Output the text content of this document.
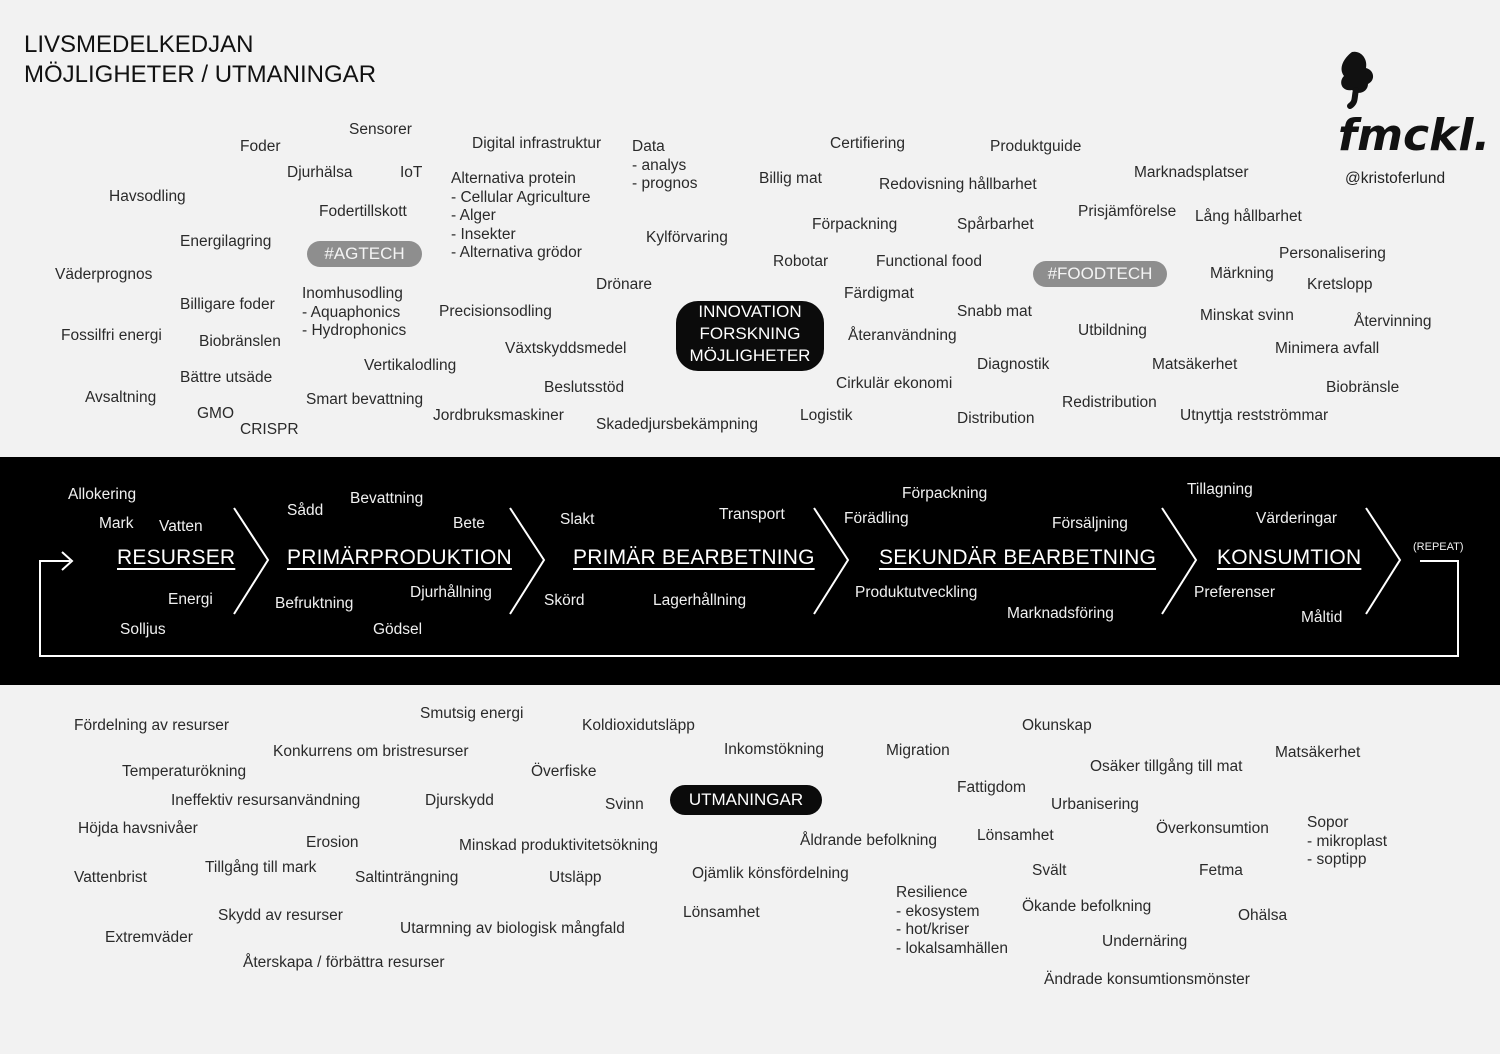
LIVSMEDELKEDJAN
MÖJLIGHETER / UTMANINGAR
fmckl.
@kristoferlund
#AGTECH
#FOODTECH
INNOVATION
FORSKNING
MÖJLIGHETER
Sensorer
Foder	Digital infrastruktur Data
- analys
- prognos
Certifiering	Produktguide
Djurhälsa	IoT
Havsodling
Alternativa protein
- Cellular Agriculture
- Alger
- Insekter
- Alternativa grödor
Billig mat	Redovisning hållbarhet
Marknadsplatser
Fodertillskott	Prisjämförelse Lång hållbarhet
Energilagring
Förpackning	Spårbarhet
Kylförvaring
Personalisering
Väderprognos
Robotar	Functional food
Märkning
Kretslopp
Drönare
Billigare foder
Inomhusodling
- Aquaphonics
- Hydrophonics
Färdigmat
Precisionsodling	Snabb mat	Minskat svinn	Återvinning
Fossilfri energi Biobränslen	Återanvändning	Utbildning
Växtskyddsmedel	Minimera avfall
Vertikalodling	Diagnostik	Matsäkerhet
Bättre utsäde	Cirkulär ekonomi
Beslutsstöd	Biobränsle
Avsaltning	Smart bevattning	Redistribution
GMO	Jordbruksmaskiner	Logistik	Utnyttja restströmmar
Distribution
CRISPR	Skadedjursbekämpning
RESURSER PRIMÄRPRODUKTION	PRIMÄR BEARBETNING	SEKUNDÄR BEARBETNING	KONSUMTION	(REPEAT)
Allokering
Mark Vatten
Energi
Solljus
Sådd
Bevattning
Bete
Befruktning
Djurhållning
Gödsel
Slakt	Transport
Skörd	Lagerhållning
Förpackning
Förädling	Försäljning
Produktutveckling
Marknadsföring
Tillagning
Värderingar
Preferenser
Måltid
UTMANINGAR
Smutsig energi
Fördelning av resurser	Koldioxidutsläpp	Okunskap
Konkurrens om bristresurser	Inkomstökning	Migration	Matsäkerhet
Temperaturökning	Överfiske	Osäker tillgång till mat
Fattigdom
Ineffektiv resursanvändning	Djurskydd	Svinn	Urbanisering
Höjda havsnivåer	Sopor
- mikroplast
- soptipp
Överkonsumtion
Erosion	Lönsamhet
Åldrande befolkning
Minskad produktivitetsökning
Tillgång till mark	Svält	Fetma
Vattenbrist	Saltinträngning	Utsläpp	Ojämlik könsfördelning
Resilience
- ekosystem
- hot/kriser
- lokalsamhällen
Ökande befolkning
Skydd av resurser	Ohälsa
Lönsamhet
Extremväder
Utarmning av biologisk mångfald
Undernäring
Återskapa / förbättra resurser
Ändrade konsumtionsmönster
